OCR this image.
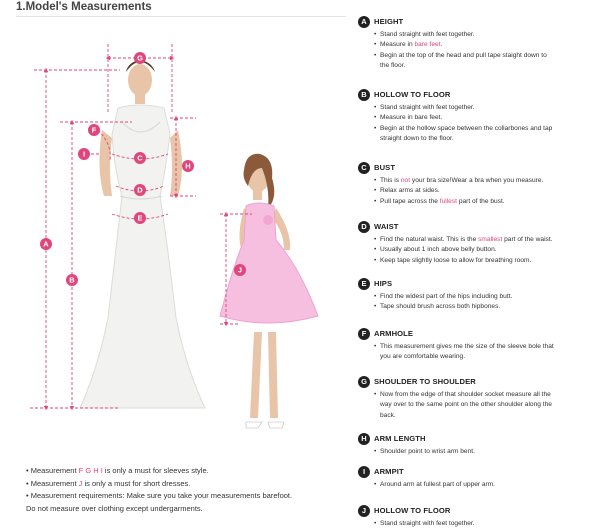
1.Model's Measurements
G
F
I
H
C
D
E
A
B
J
• Measurement F G H I is only a must for sleeves style.
• Measurement J is only a must for short dresses.
• Measurement requirements: Make sure you take your measurements barefoot.
Do not measure over clothing except undergarments.
A HEIGHT
• Stand straight with feet together.
• Measure in bare feet.
• Begin at the top of the head and pull tape staight down to
the floor.
B HOLLOW TO FLOOR
• Stand straight with feet together.
• Measure in bare feet.
• Begin at the hollow space between the collarbones and tap
straight down to the floor.
C BUST
• This is not your bra size!Wear a bra when you measure.
• Relax arms at sides.
• Pull tape across the fullest part of the bust.
D WAIST
• Find the natural waist. This is the smallest part of the waist.
• Usually about 1 inch above belly button.
• Keep tape slightly loose to allow for breathing room.
E HIPS
• Find the widest part of the hips including butt.
• Tape should brush across both hipbones.
F	ARMHOLE
• This measurement gives me the size of the sleeve bole that
you are comfortable wearing.
G SHOULDER TO SHOULDER
• Now from the edge of that shoulder socket measure all the
way over to the same point on the other shoulder along the
back.
H ARM LENGTH
• Shoulder point to wrist arm bent.
I	ARMPIT
• Around arm at fullest part of upper arm.
J	HOLLOW TO FLOOR
• Stand straight with feet together.
